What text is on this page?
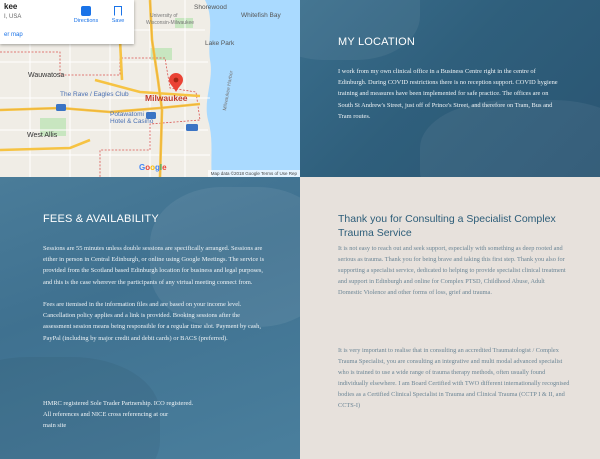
Shorewood
University of
Wisconsin-Milwaukee
Whitefish Bay
Lake Park
Wauwatosa
The Rave / Eagles Club Milwaukee
Potawatomi
Hotel & Casino
West Allis
Milwaukee Harbor
kee
I, USA
er map
Directions	Save
Google
Map data ©2018 Google Terms of Use Rep
MY LOCATION
I work from my own clinical office in a Business Centre right in the centre of Edinburgh. During COVID restrictions there is no reception support. COVID hygiene training and measures have been implemented for safe practice. The offices are on South St Andrew's Street, just off of Prince's Street, and therefore on Tram, Bus and Tram routes.
FEES & AVAILABILITY
Sessions are 55 minutes unless double sessions are specifically arranged. Sessions are either in person in Central Edinburgh, or online using Google Meetings. The service is provided from the Scotland based Edinburgh location for business and legal purposes, and this is the case wherever the participants of any virtual meeting connect from.
Fees are itemised in the information files and are based on your income level. Cancellation policy applies and a link is provided. Booking sessions after the assessment session means being responsible for a regular time slot. Payment by cash, PayPal (including by major credit and debit cards) or BACS (preferred).
HMRC registered Sole Trader Partnership. ICO registered.
All references and NICE cross referencing at our
main site
Thank you for Consulting a Specialist Complex Trauma Service
It is not easy to reach out and seek support, especially with something as deep rooted and serious as trauma. Thank you for being brave and taking this first step. Thank you also for supporting a specialist service, dedicated to helping to provide specialist clinical treatment and support in Edinburgh and online for Complex PTSD, Childhood Abuse, Adult Domestic Violence and other forms of loss, grief and trauma.
It is very important to realise that in consulting an accredited Traumatologist / Complex Trauma Specialist, you are consulting an integrative and multi modal advanced specialist who is trained to use a wide range of trauma therapy methods, often usually found individually elsewhere. I am Board Certified with TWO different internationally recognised bodies as a Certified Clinical Specialist in Trauma and Clinical Trauma (CCTP I & II, and CCTS-I)
